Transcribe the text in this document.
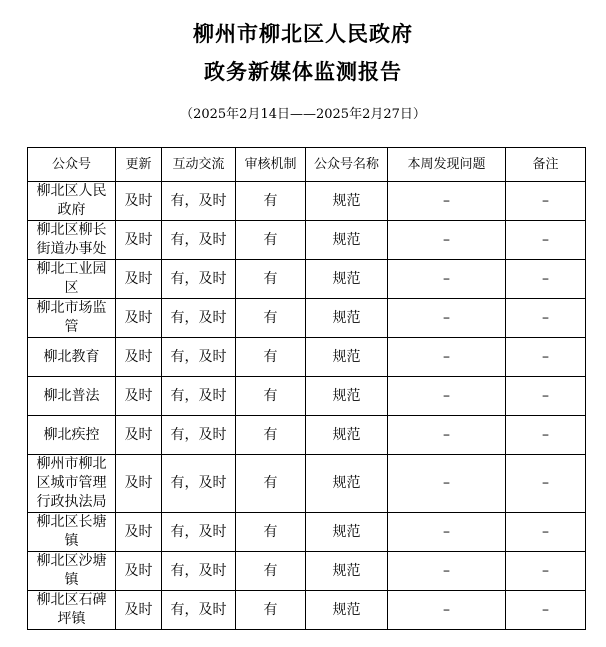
柳州市柳北区人民政府
政务新媒体监测报告
（2025年2月14日——2025年2月27日）
公众号	更新	互动交流	审核机制	公众号名称	本周发现问题	备注
柳北区人民政府	及时	有，及时	有	规范	–	–
柳北区柳长街道办事处	及时	有，及时	有	规范	–	–
柳北工业园区	及时	有，及时	有	规范	–	–
柳北市场监管	及时	有，及时	有	规范	–	–
柳北教育	及时	有，及时	有	规范	–	–
柳北普法	及时	有，及时	有	规范	–	–
柳北疾控	及时	有，及时	有	规范	–	–
柳州市柳北区城市管理行政执法局	及时	有，及时	有	规范	–	–
柳北区长塘镇	及时	有，及时	有	规范	–	–
柳北区沙塘镇	及时	有，及时	有	规范	–	–
柳北区石碑坪镇	及时	有，及时	有	规范	–	–
